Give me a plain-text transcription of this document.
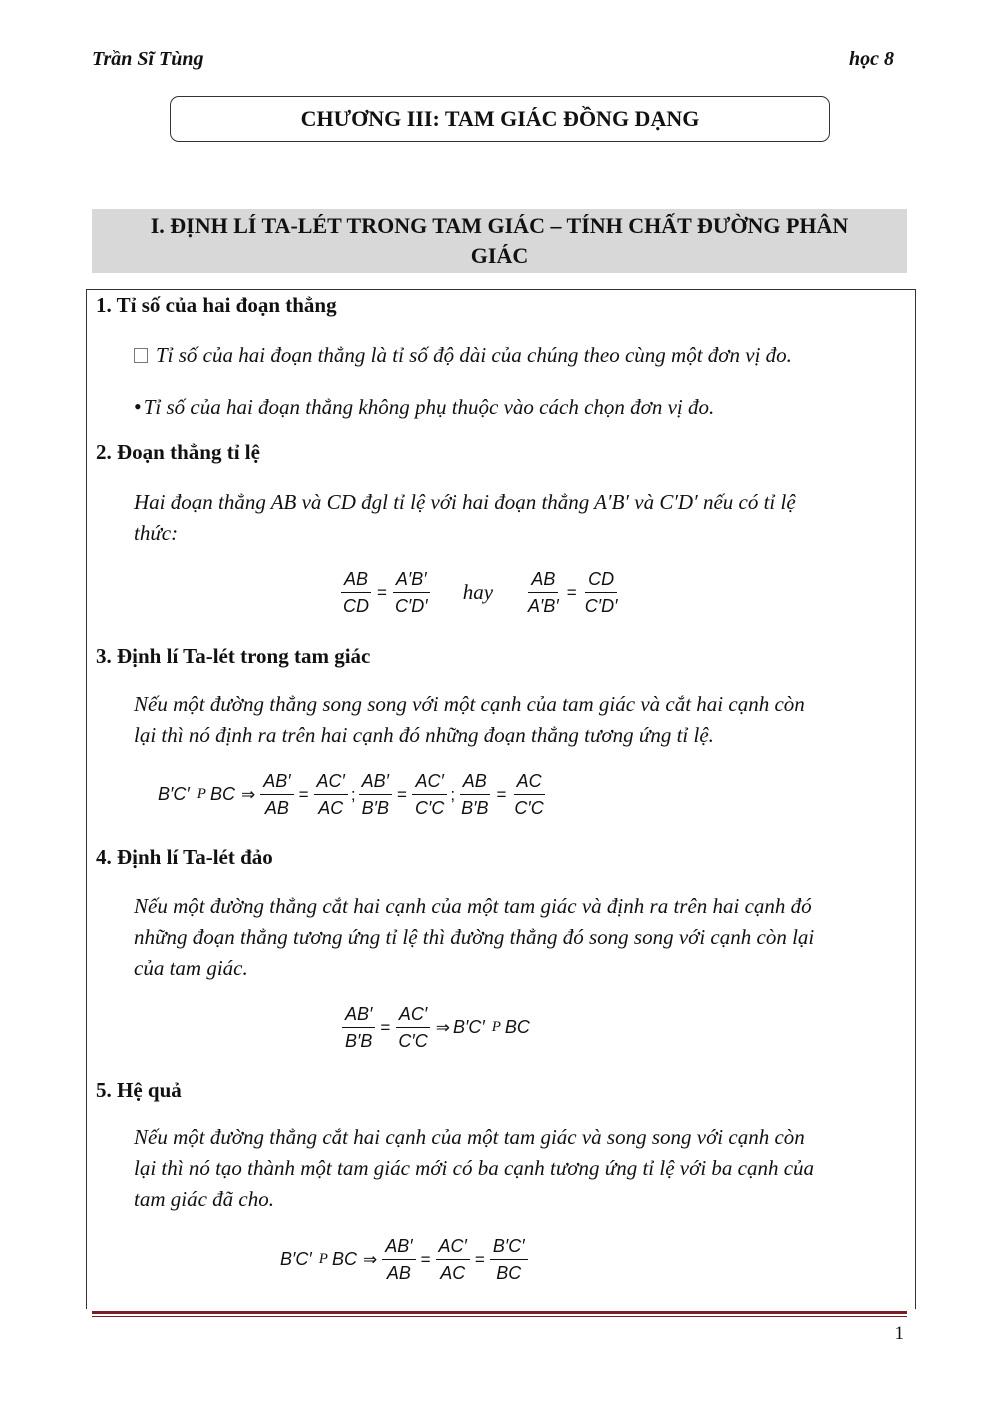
Trần Sĩ Tùng	học 8
CHƯƠNG III: TAM GIÁC ĐỒNG DẠNG
I. ĐỊNH LÍ TA-LÉT TRONG TAM GIÁC – TÍNH CHẤT ĐƯỜNG PHÂN
GIÁC
1. Tỉ số của hai đoạn thẳng
Tỉ số của hai đoạn thẳng là tỉ số độ dài của chúng theo cùng một đơn vị đo.
•Tỉ số của hai đoạn thẳng không phụ thuộc vào cách chọn đơn vị đo.
2. Đoạn thẳng tỉ lệ
Hai đoạn thẳng AB và CD đgl tỉ lệ với hai đoạn thẳng A′B′ và C′D′ nếu có tỉ lệ
thức:
$\frac{AB}{CD} = \frac{A'B'}{C'D'}$ hay $\frac{AB}{A'B'} = \frac{CD}{C'D'}$
3. Định lí Ta-lét trong tam giác
Nếu một đường thẳng song song với một cạnh của tam giác và cắt hai cạnh còn
lại thì nó định ra trên hai cạnh đó những đoạn thẳng tương ứng tỉ lệ.
B′C′ P BC ⇒ $\frac{AB'}{AB} = \frac{AC'}{AC}$ ; $\frac{AB'}{B'B} = \frac{AC'}{C'C}$ ; $\frac{AB}{B'B} = \frac{AC}{C'C}$
4. Định lí Ta-lét đảo
Nếu một đường thẳng cắt hai cạnh của một tam giác và định ra trên hai cạnh đó
những đoạn thẳng tương ứng tỉ lệ thì đường thẳng đó song song với cạnh còn lại
của tam giác.
$\frac{AB'}{B'B} = \frac{AC'}{C'C}$ ⇒ B′C′ P BC
5. Hệ quả
Nếu một đường thẳng cắt hai cạnh của một tam giác và song song với cạnh còn
lại thì nó tạo thành một tam giác mới có ba cạnh tương ứng tỉ lệ với ba cạnh của
tam giác đã cho.
B′C′ P BC ⇒ $\frac{AB'}{AB} = \frac{AC'}{AC} = \frac{B'C'}{BC}$
1
